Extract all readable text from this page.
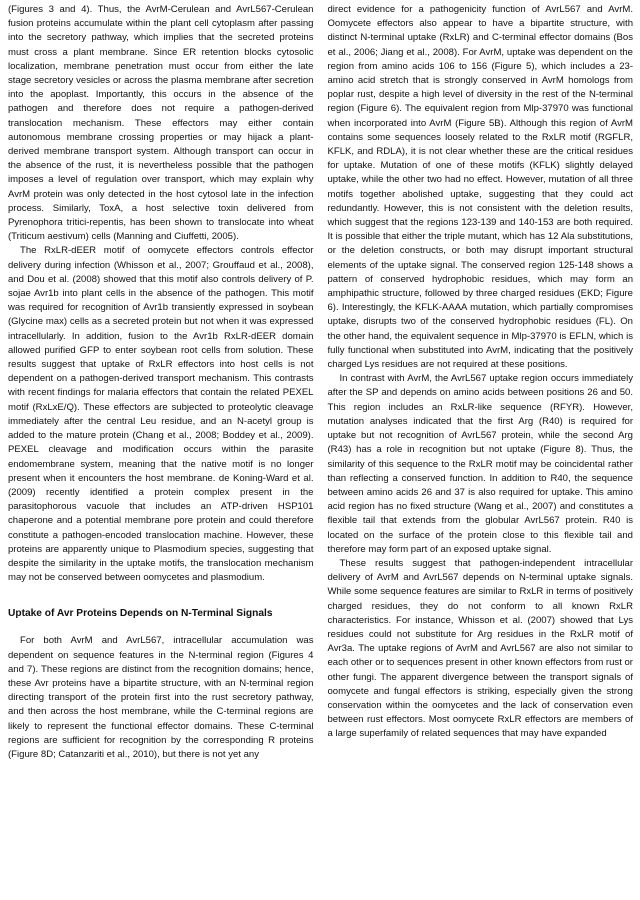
(Figures 3 and 4). Thus, the AvrM-Cerulean and AvrL567-Cerulean fusion proteins accumulate within the plant cell cytoplasm after passing into the secretory pathway, which implies that the secreted proteins must cross a plant membrane. Since ER retention blocks cytosolic localization, membrane penetration must occur from either the late stage secretory vesicles or across the plasma membrane after secretion into the apoplast. Importantly, this occurs in the absence of the pathogen and therefore does not require a pathogen-derived translocation mechanism. These effectors may either contain autonomous membrane crossing properties or may hijack a plant-derived membrane transport system. Although transport can occur in the absence of the rust, it is nevertheless possible that the pathogen imposes a level of regulation over transport, which may explain why AvrM protein was only detected in the host cytosol late in the infection process. Similarly, ToxA, a host selective toxin delivered from Pyrenophora tritici-repentis, has been shown to translocate into wheat (Triticum aestivum) cells (Manning and Ciuffetti, 2005).

The RxLR-dEER motif of oomycete effectors controls effector delivery during infection (Whisson et al., 2007; Grouffaud et al., 2008), and Dou et al. (2008) showed that this motif also controls delivery of P. sojae Avr1b into plant cells in the absence of the pathogen. This motif was required for recognition of Avr1b transiently expressed in soybean (Glycine max) cells as a secreted protein but not when it was expressed intracellularly. In addition, fusion to the Avr1b RxLR-dEER domain allowed purified GFP to enter soybean root cells from solution. These results suggest that uptake of RxLR effectors into host cells is not dependent on a pathogen-derived transport mechanism. This contrasts with recent findings for malaria effectors that contain the related PEXEL motif (RxLxE/Q). These effectors are subjected to proteolytic cleavage immediately after the central Leu residue, and an N-acetyl group is added to the mature protein (Chang et al., 2008; Boddey et al., 2009). PEXEL cleavage and modification occurs within the parasite endomembrane system, meaning that the native motif is no longer present when it encounters the host membrane. de Koning-Ward et al. (2009) recently identified a protein complex present in the parasitophorous vacuole that includes an ATP-driven HSP101 chaperone and a potential membrane pore protein and could therefore constitute a pathogen-encoded translocation machine. However, these proteins are apparently unique to Plasmodium species, suggesting that despite the similarity in the uptake motifs, the translocation mechanism may not be conserved between oomycetes and plasmodium.

Uptake of Avr Proteins Depends on N-Terminal Signals

For both AvrM and AvrL567, intracellular accumulation was dependent on sequence features in the N-terminal region (Figures 4 and 7). These regions are distinct from the recognition domains; hence, these Avr proteins have a bipartite structure, with an N-terminal region directing transport of the protein first into the rust secretory pathway, and then across the host membrane, while the C-terminal regions are likely to represent the functional effector domains. These C-terminal regions are sufficient for recognition by the corresponding R proteins (Figure 8D; Catanzariti et al., 2010), but there is not yet any

direct evidence for a pathogenicity function of AvrL567 and AvrM. Oomycete effectors also appear to have a bipartite structure, with distinct N-terminal uptake (RxLR) and C-terminal effector domains (Bos et al., 2006; Jiang et al., 2008). For AvrM, uptake was dependent on the region from amino acids 106 to 156 (Figure 5), which includes a 23-amino acid stretch that is strongly conserved in AvrM homologs from poplar rust, despite a high level of diversity in the rest of the N-terminal region (Figure 6). The equivalent region from Mlp-37970 was functional when incorporated into AvrM (Figure 5B). Although this region of AvrM contains some sequences loosely related to the RxLR motif (RGFLR, KFLK, and RDLA), it is not clear whether these are the critical residues for uptake. Mutation of one of these motifs (KFLK) slightly delayed uptake, while the other two had no effect. However, mutation of all three motifs together abolished uptake, suggesting that they could act redundantly. However, this is not consistent with the deletion results, which suggest that the regions 123-139 and 140-153 are both required. It is possible that either the triple mutant, which has 12 Ala substitutions, or the deletion constructs, or both may disrupt important structural elements of the uptake signal. The conserved region 125-148 shows a pattern of conserved hydrophobic residues, which may form an amphipathic structure, followed by three charged residues (EKD; Figure 6). Interestingly, the KFLK-AAAA mutation, which partially compromises uptake, disrupts two of the conserved hydrophobic residues (FL). On the other hand, the equivalent sequence in Mlp-37970 is EFLN, which is fully functional when substituted into AvrM, indicating that the positively charged Lys residues are not required at these positions.

In contrast with AvrM, the AvrL567 uptake region occurs immediately after the SP and depends on amino acids between positions 26 and 50. This region includes an RxLR-like sequence (RFYR). However, mutation analyses indicated that the first Arg (R40) is required for uptake but not recognition of AvrL567 protein, while the second Arg (R43) has a role in recognition but not uptake (Figure 8). Thus, the similarity of this sequence to the RxLR motif may be coincidental rather than reflecting a conserved function. In addition to R40, the sequence between amino acids 26 and 37 is also required for uptake. This amino acid region has no fixed structure (Wang et al., 2007) and constitutes a flexible tail that extends from the globular AvrL567 protein. R40 is located on the surface of the protein close to this flexible tail and therefore may form part of an exposed uptake signal.

These results suggest that pathogen-independent intracellular delivery of AvrM and AvrL567 depends on N-terminal uptake signals. While some sequence features are similar to RxLR in terms of positively charged residues, they do not conform to all known RxLR characteristics. For instance, Whisson et al. (2007) showed that Lys residues could not substitute for Arg residues in the RxLR motif of Avr3a. The uptake regions of AvrM and AvrL567 are also not similar to each other or to sequences present in other known effectors from rust or other fungi. The apparent divergence between the transport signals of oomycete and fungal effectors is striking, especially given the strong conservation within the oomycetes and the lack of conservation even between rust effectors. Most oomycete RxLR effectors are members of a large superfamily of related sequences that may have expanded
